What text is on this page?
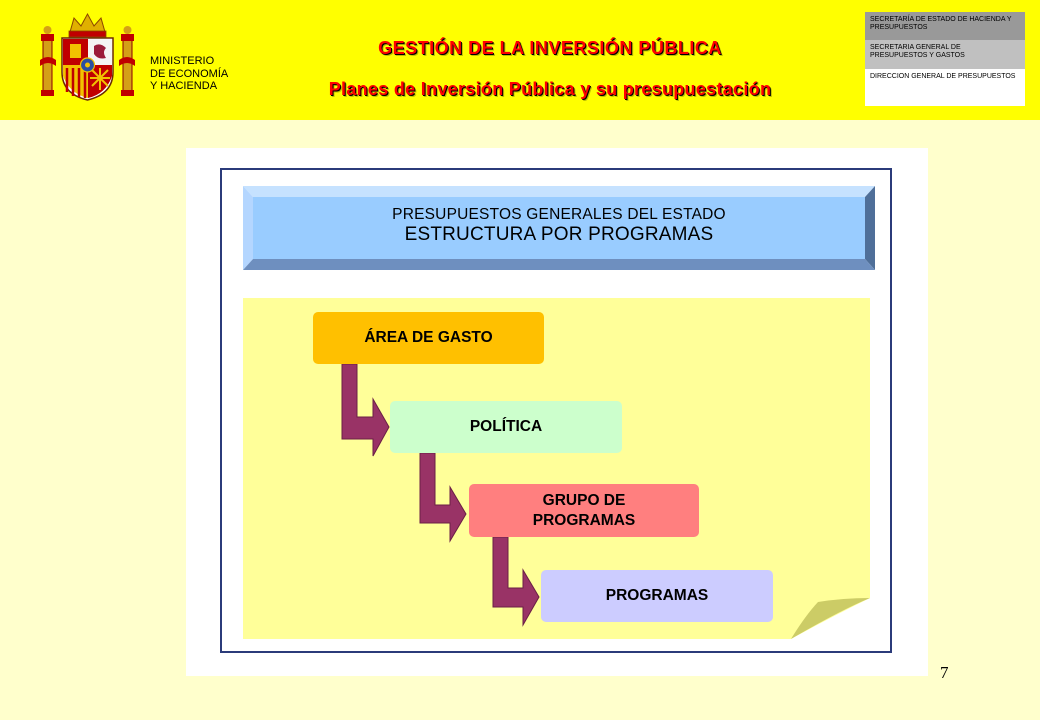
MINISTERIO
DE ECONOMÍA
Y HACIENDA
GESTIÓN DE LA INVERSIÓN PÚBLICA
Planes de Inversión Pública y su presupuestación
SECRETARÍA DE ESTADO DE HACIENDA Y PRESUPUESTOS
SECRETARIA GENERAL DE PRESUPUESTOS Y GASTOS
DIRECCION GENERAL DE PRESUPUESTOS
PRESUPUESTOS GENERALES DEL ESTADO
ESTRUCTURA POR PROGRAMAS
ÁREA DE GASTO
POLÍTICA
GRUPO DE PROGRAMAS
PROGRAMAS
7
